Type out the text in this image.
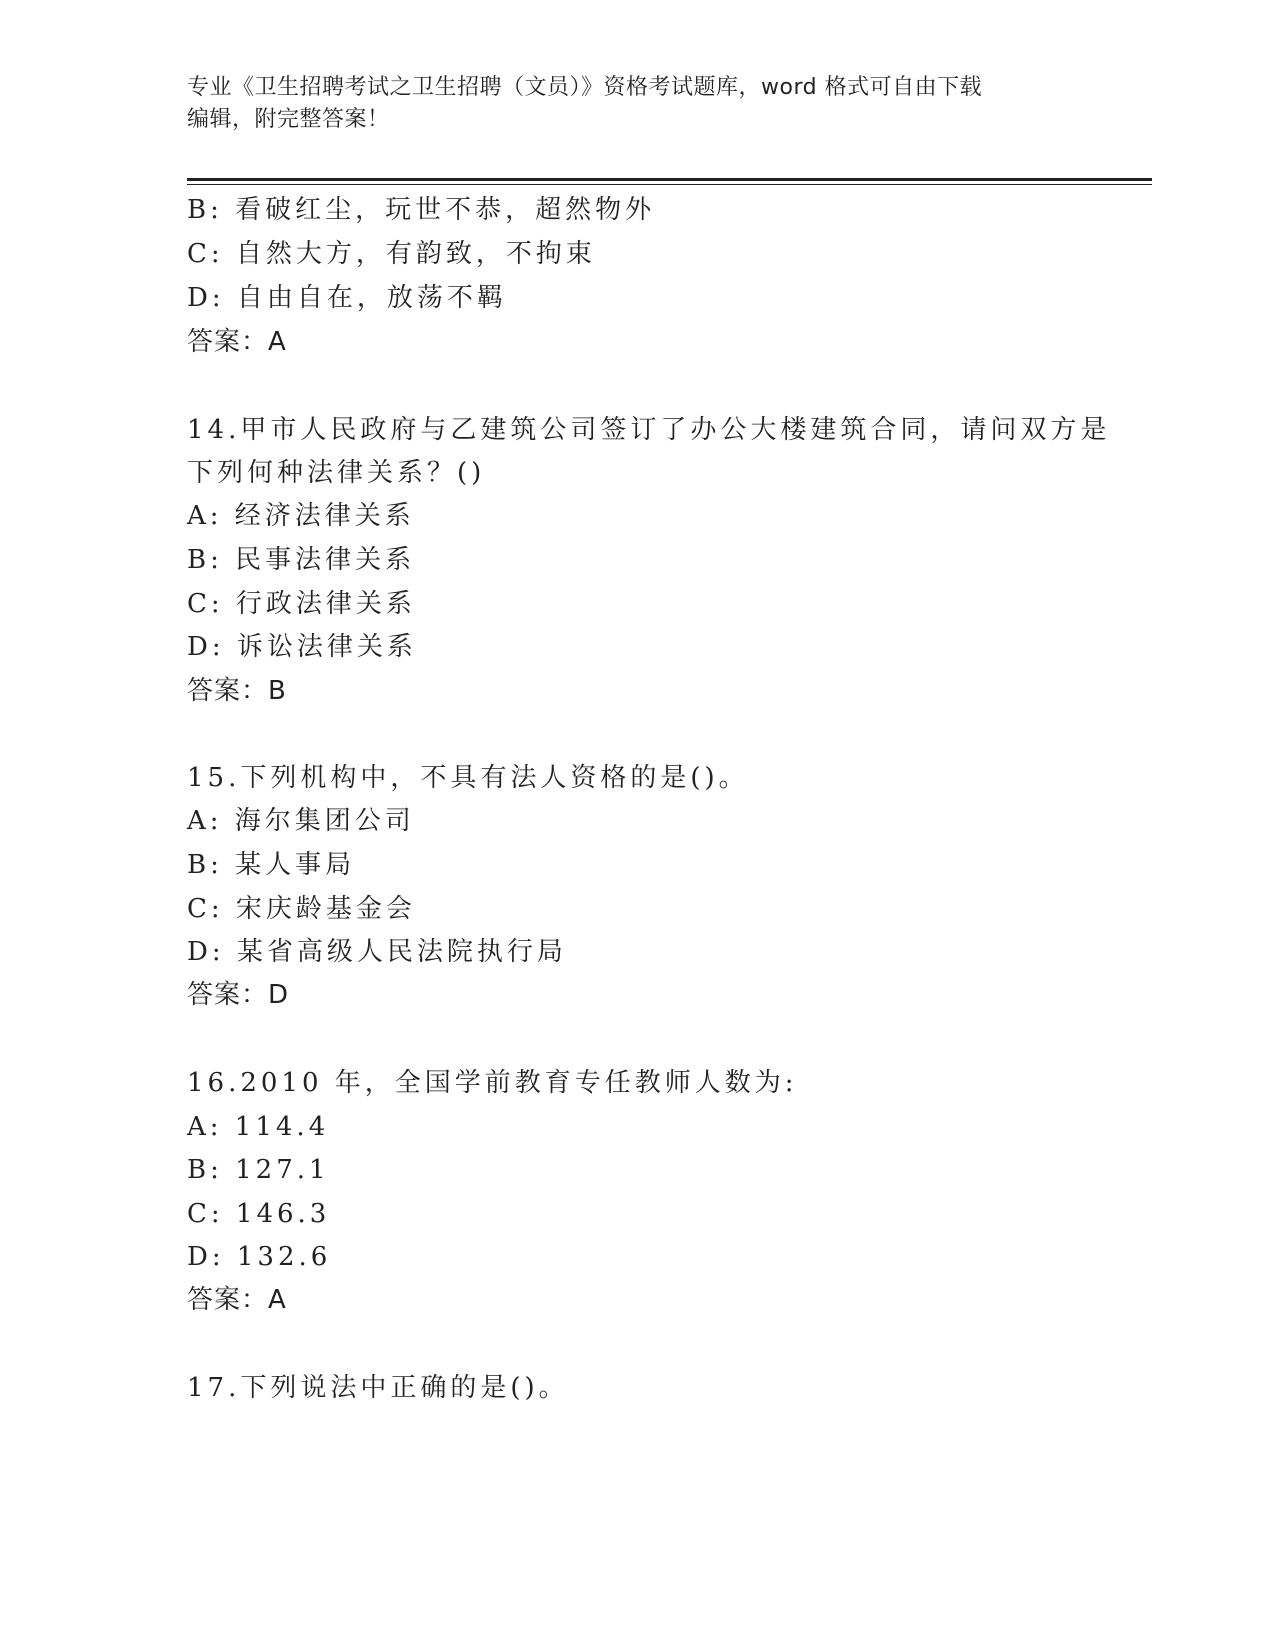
专业《卫生招聘考试之卫生招聘（文员）》资格考试题库，word 格式可自由下载
编辑，附完整答案！
B: 看破红尘，玩世不恭，超然物外
C: 自然大方，有韵致，不拘束
D: 自由自在，放荡不羁
答案：A
14.甲市人民政府与乙建筑公司签订了办公大楼建筑合同，请问双方是
下列何种法律关系？()
A: 经济法律关系
B: 民事法律关系
C: 行政法律关系
D: 诉讼法律关系
答案：B
15.下列机构中，不具有法人资格的是()。
A: 海尔集团公司
B: 某人事局
C: 宋庆龄基金会
D: 某省高级人民法院执行局
答案：D
16.2010 年，全国学前教育专任教师人数为:
A: 114.4
B: 127.1
C: 146.3
D: 132.6
答案：A
17.下列说法中正确的是()。
